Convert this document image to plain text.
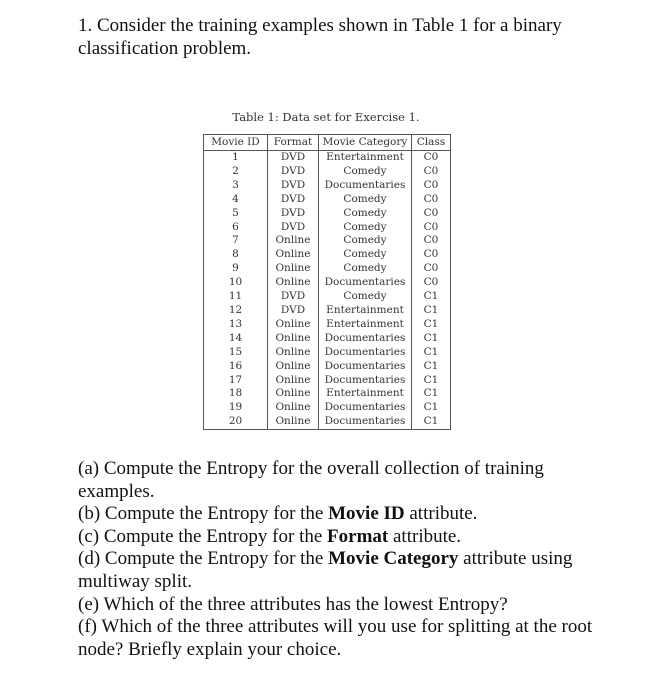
1. Consider the training examples shown in Table 1 for a binary classification problem.

Table 1: Data set for Exercise 1.

Movie ID	Format	Movie Category	Class
1	DVD	Entertainment	C0
2	DVD	Comedy	C0
3	DVD	Documentaries	C0
4	DVD	Comedy	C0
5	DVD	Comedy	C0
6	DVD	Comedy	C0
7	Online	Comedy	C0
8	Online	Comedy	C0
9	Online	Comedy	C0
10	Online	Documentaries	C0
11	DVD	Comedy	C1
12	DVD	Entertainment	C1
13	Online	Entertainment	C1
14	Online	Documentaries	C1
15	Online	Documentaries	C1
16	Online	Documentaries	C1
17	Online	Documentaries	C1
18	Online	Entertainment	C1
19	Online	Documentaries	C1
20	Online	Documentaries	C1

(a) Compute the Entropy for the overall collection of training examples.

(b) Compute the Entropy for the Movie ID attribute.

(c) Compute the Entropy for the Format attribute.

(d) Compute the Entropy for the Movie Category attribute using multiway split.

(e) Which of the three attributes has the lowest Entropy?

(f) Which of the three attributes will you use for splitting at the root node? Briefly explain your choice.
